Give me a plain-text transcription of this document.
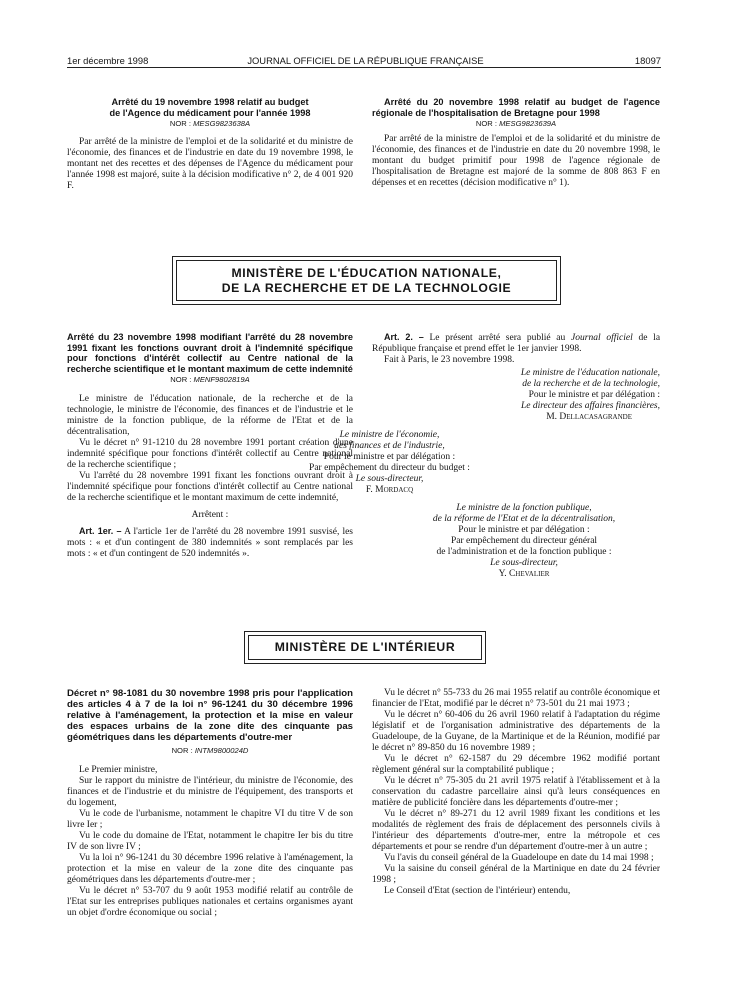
1er décembre 1998	JOURNAL OFFICIEL DE LA RÉPUBLIQUE FRANÇAISE	18097
Arrêté du 19 novembre 1998 relatif au budget
de l'Agence du médicament pour l'année 1998
NOR : MESG9823638A

Par arrêté de la ministre de l'emploi et de la solidarité et du ministre de l'économie, des finances et de l'industrie en date du 19 novembre 1998, le montant net des recettes et des dépenses de l'Agence du médicament pour l'année 1998 est majoré, suite à la décision modificative n° 2, de 4 001 920 F.

Arrêté du 20 novembre 1998 relatif au budget de l'agence régionale de l'hospitalisation de Bretagne pour 1998
NOR : MESG9823639A

Par arrêté de la ministre de l'emploi et de la solidarité et du ministre de l'économie, des finances et de l'industrie en date du 20 novembre 1998, le montant du budget primitif pour 1998 de l'agence régionale de l'hospitalisation de Bretagne est majoré de la somme de 808 863 F en dépenses et en recettes (décision modificative n° 1).

MINISTÈRE DE L'ÉDUCATION NATIONALE,
DE LA RECHERCHE ET DE LA TECHNOLOGIE
Arrêté du 23 novembre 1998 modifiant l'arrêté du 28 novembre 1991 fixant les fonctions ouvrant droit à l'indemnité spécifique pour fonctions d'intérêt collectif au Centre national de la recherche scientifique et le montant maximum de cette indemnité
NOR : MENF9802819A

Le ministre de l'éducation nationale, de la recherche et de la technologie, le ministre de l'économie, des finances et de l'industrie et le ministre de la fonction publique, de la réforme de l'Etat et de la décentralisation,

Vu le décret n° 91-1210 du 28 novembre 1991 portant création d'une indemnité spécifique pour fonctions d'intérêt collectif au Centre national de la recherche scientifique ;

Vu l'arrêté du 28 novembre 1991 fixant les fonctions ouvrant droit à l'indemnité spécifique pour fonctions d'intérêt collectif au Centre national de la recherche scientifique et le montant maximum de cette indemnité,

Arrêtent :

Art. 1er. – A l'article 1er de l'arrêté du 28 novembre 1991 susvisé, les mots : « et d'un contingent de 380 indemnités » sont remplacés par les mots : « et d'un contingent de 520 indemnités ».

Art. 2. – Le présent arrêté sera publié au Journal officiel de la République française et prend effet le 1er janvier 1998.

Fait à Paris, le 23 novembre 1998.

Le ministre de l'éducation nationale,
de la recherche et de la technologie,
Pour le ministre et par délégation :
Le directeur des affaires financières,
M. Dellacasagrande
Le ministre de l'économie,
des finances et de l'industrie,
Pour le ministre et par délégation :
Par empêchement du directeur du budget :
Le sous-directeur,
F. Mordacq
Le ministre de la fonction publique,
de la réforme de l'Etat et de la décentralisation,
Pour le ministre et par délégation :
Par empêchement du directeur général
de l'administration et de la fonction publique :
Le sous-directeur,
Y. Chevalier
MINISTÈRE DE L'INTÉRIEUR
Décret n° 98-1081 du 30 novembre 1998 pris pour l'application des articles 4 à 7 de la loi n° 96-1241 du 30 décembre 1996 relative à l'aménagement, la protection et la mise en valeur des espaces urbains de la zone dite des cinquante pas géométriques dans les départements d'outre-mer
NOR : INTM9800024D

Le Premier ministre,

Sur le rapport du ministre de l'intérieur, du ministre de l'économie, des finances et de l'industrie et du ministre de l'équipement, des transports et du logement,

Vu le code de l'urbanisme, notamment le chapitre VI du titre V de son livre Ier ;

Vu le code du domaine de l'Etat, notamment le chapitre Ier bis du titre IV de son livre IV ;

Vu la loi n° 96-1241 du 30 décembre 1996 relative à l'aménagement, la protection et la mise en valeur de la zone dite des cinquante pas géométriques dans les départements d'outre-mer ;

Vu le décret n° 53-707 du 9 août 1953 modifié relatif au contrôle de l'Etat sur les entreprises publiques nationales et certains organismes ayant un objet d'ordre économique ou social ;

Vu le décret n° 55-733 du 26 mai 1955 relatif au contrôle économique et financier de l'Etat, modifié par le décret n° 73-501 du 21 mai 1973 ;

Vu le décret n° 60-406 du 26 avril 1960 relatif à l'adaptation du régime législatif et de l'organisation administrative des départements de la Guadeloupe, de la Guyane, de la Martinique et de la Réunion, modifié par le décret n° 89-850 du 16 novembre 1989 ;

Vu le décret n° 62-1587 du 29 décembre 1962 modifié portant règlement général sur la comptabilité publique ;

Vu le décret n° 75-305 du 21 avril 1975 relatif à l'établissement et à la conservation du cadastre parcellaire ainsi qu'à leurs conséquences en matière de publicité foncière dans les départements d'outre-mer ;

Vu le décret n° 89-271 du 12 avril 1989 fixant les conditions et les modalités de règlement des frais de déplacement des personnels civils à l'intérieur des départements d'outre-mer, entre la métropole et ces départements et pour se rendre d'un département d'outre-mer à un autre ;

Vu l'avis du conseil général de la Guadeloupe en date du 14 mai 1998 ;

Vu la saisine du conseil général de la Martinique en date du 24 février 1998 ;

Le Conseil d'Etat (section de l'intérieur) entendu,
